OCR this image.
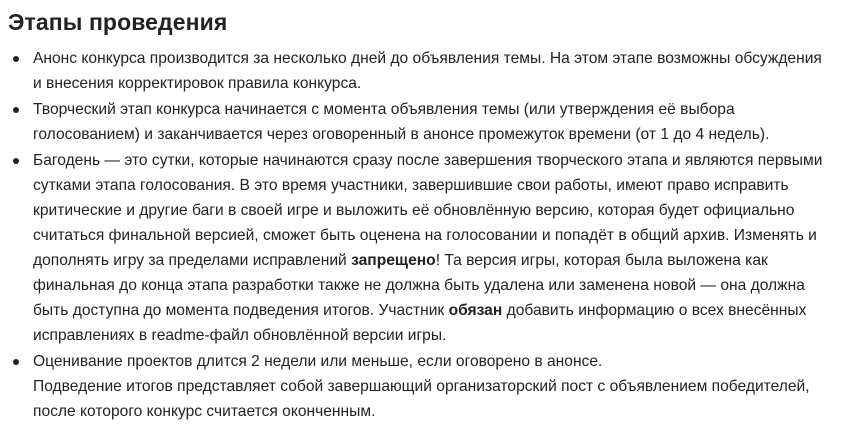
Этапы проведения
Анонс конкурса производится за несколько дней до объявления темы. На этом этапе возможны обсуждения и внесения корректировок правила конкурса.
Творческий этап конкурса начинается с момента объявления темы (или утверждения её выбора голосованием) и заканчивается через оговоренный в анонсе промежуток времени (от 1 до 4 недель).
Багодень — это сутки, которые начинаются сразу после завершения творческого этапа и являются первыми сутками этапа голосования. В это время участники, завершившие свои работы, имеют право исправить критические и другие баги в своей игре и выложить её обновлённую версию, которая будет официально считаться финальной версией, сможет быть оценена на голосовании и попадёт в общий архив. Изменять и дополнять игру за пределами исправлений запрещено! Та версия игры, которая была выложена как финальная до конца этапа разработки также не должна быть удалена или заменена новой — она должна быть доступна до момента подведения итогов. Участник обязан добавить информацию о всех внесённых исправлениях в readme-файл обновлённой версии игры.

Оценивание проектов длится 2 недели или меньше, если оговорено в анонсе.

Подведение итогов представляет собой завершающий организаторский пост с объявлением победителей, после которого конкурс считается оконченным.
